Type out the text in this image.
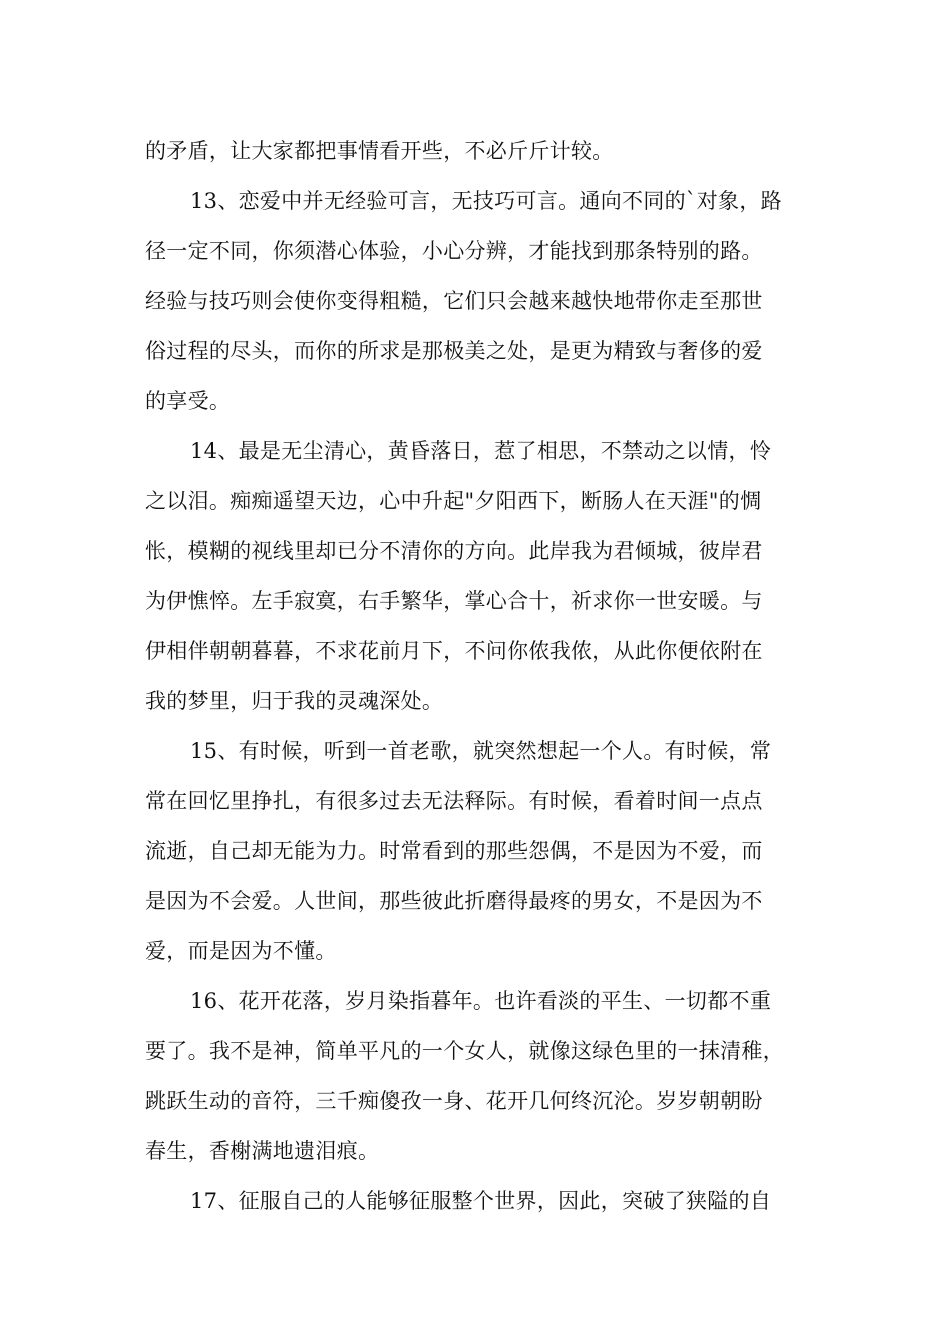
的矛盾，让大家都把事情看开些，不必斤斤计较。
13、恋爱中并无经验可言，无技巧可言。通向不同的`对象，路
径一定不同，你须潜心体验，小心分辨，才能找到那条特别的路。
经验与技巧则会使你变得粗糙，它们只会越来越快地带你走至那世
俗过程的尽头，而你的所求是那极美之处，是更为精致与奢侈的爱
的享受。
14、最是无尘清心，黄昏落日，惹了相思，不禁动之以情，怜
之以泪。痴痴遥望天边，心中升起"夕阳西下，断肠人在天涯"的惆
怅，模糊的视线里却已分不清你的方向。此岸我为君倾城，彼岸君
为伊憔悴。左手寂寞，右手繁华，掌心合十，祈求你一世安暖。与
伊相伴朝朝暮暮，不求花前月下，不问你侬我侬，从此你便依附在
我的梦里，归于我的灵魂深处。
15、有时候，听到一首老歌，就突然想起一个人。有时候，常
常在回忆里挣扎，有很多过去无法释际。有时候，看着时间一点点
流逝，自己却无能为力。时常看到的那些怨偶，不是因为不爱，而
是因为不会爱。人世间，那些彼此折磨得最疼的男女，不是因为不
爱，而是因为不懂。
16、花开花落，岁月染指暮年。也许看淡的平生、一切都不重
要了。我不是神，简单平凡的一个女人，就像这绿色里的一抹清稚，
跳跃生动的音符，三千痴傻孜一身、花开几何终沉沦。岁岁朝朝盼
春生，香榭满地遗泪痕。
17、征服自己的人能够征服整个世界，因此，突破了狭隘的自
